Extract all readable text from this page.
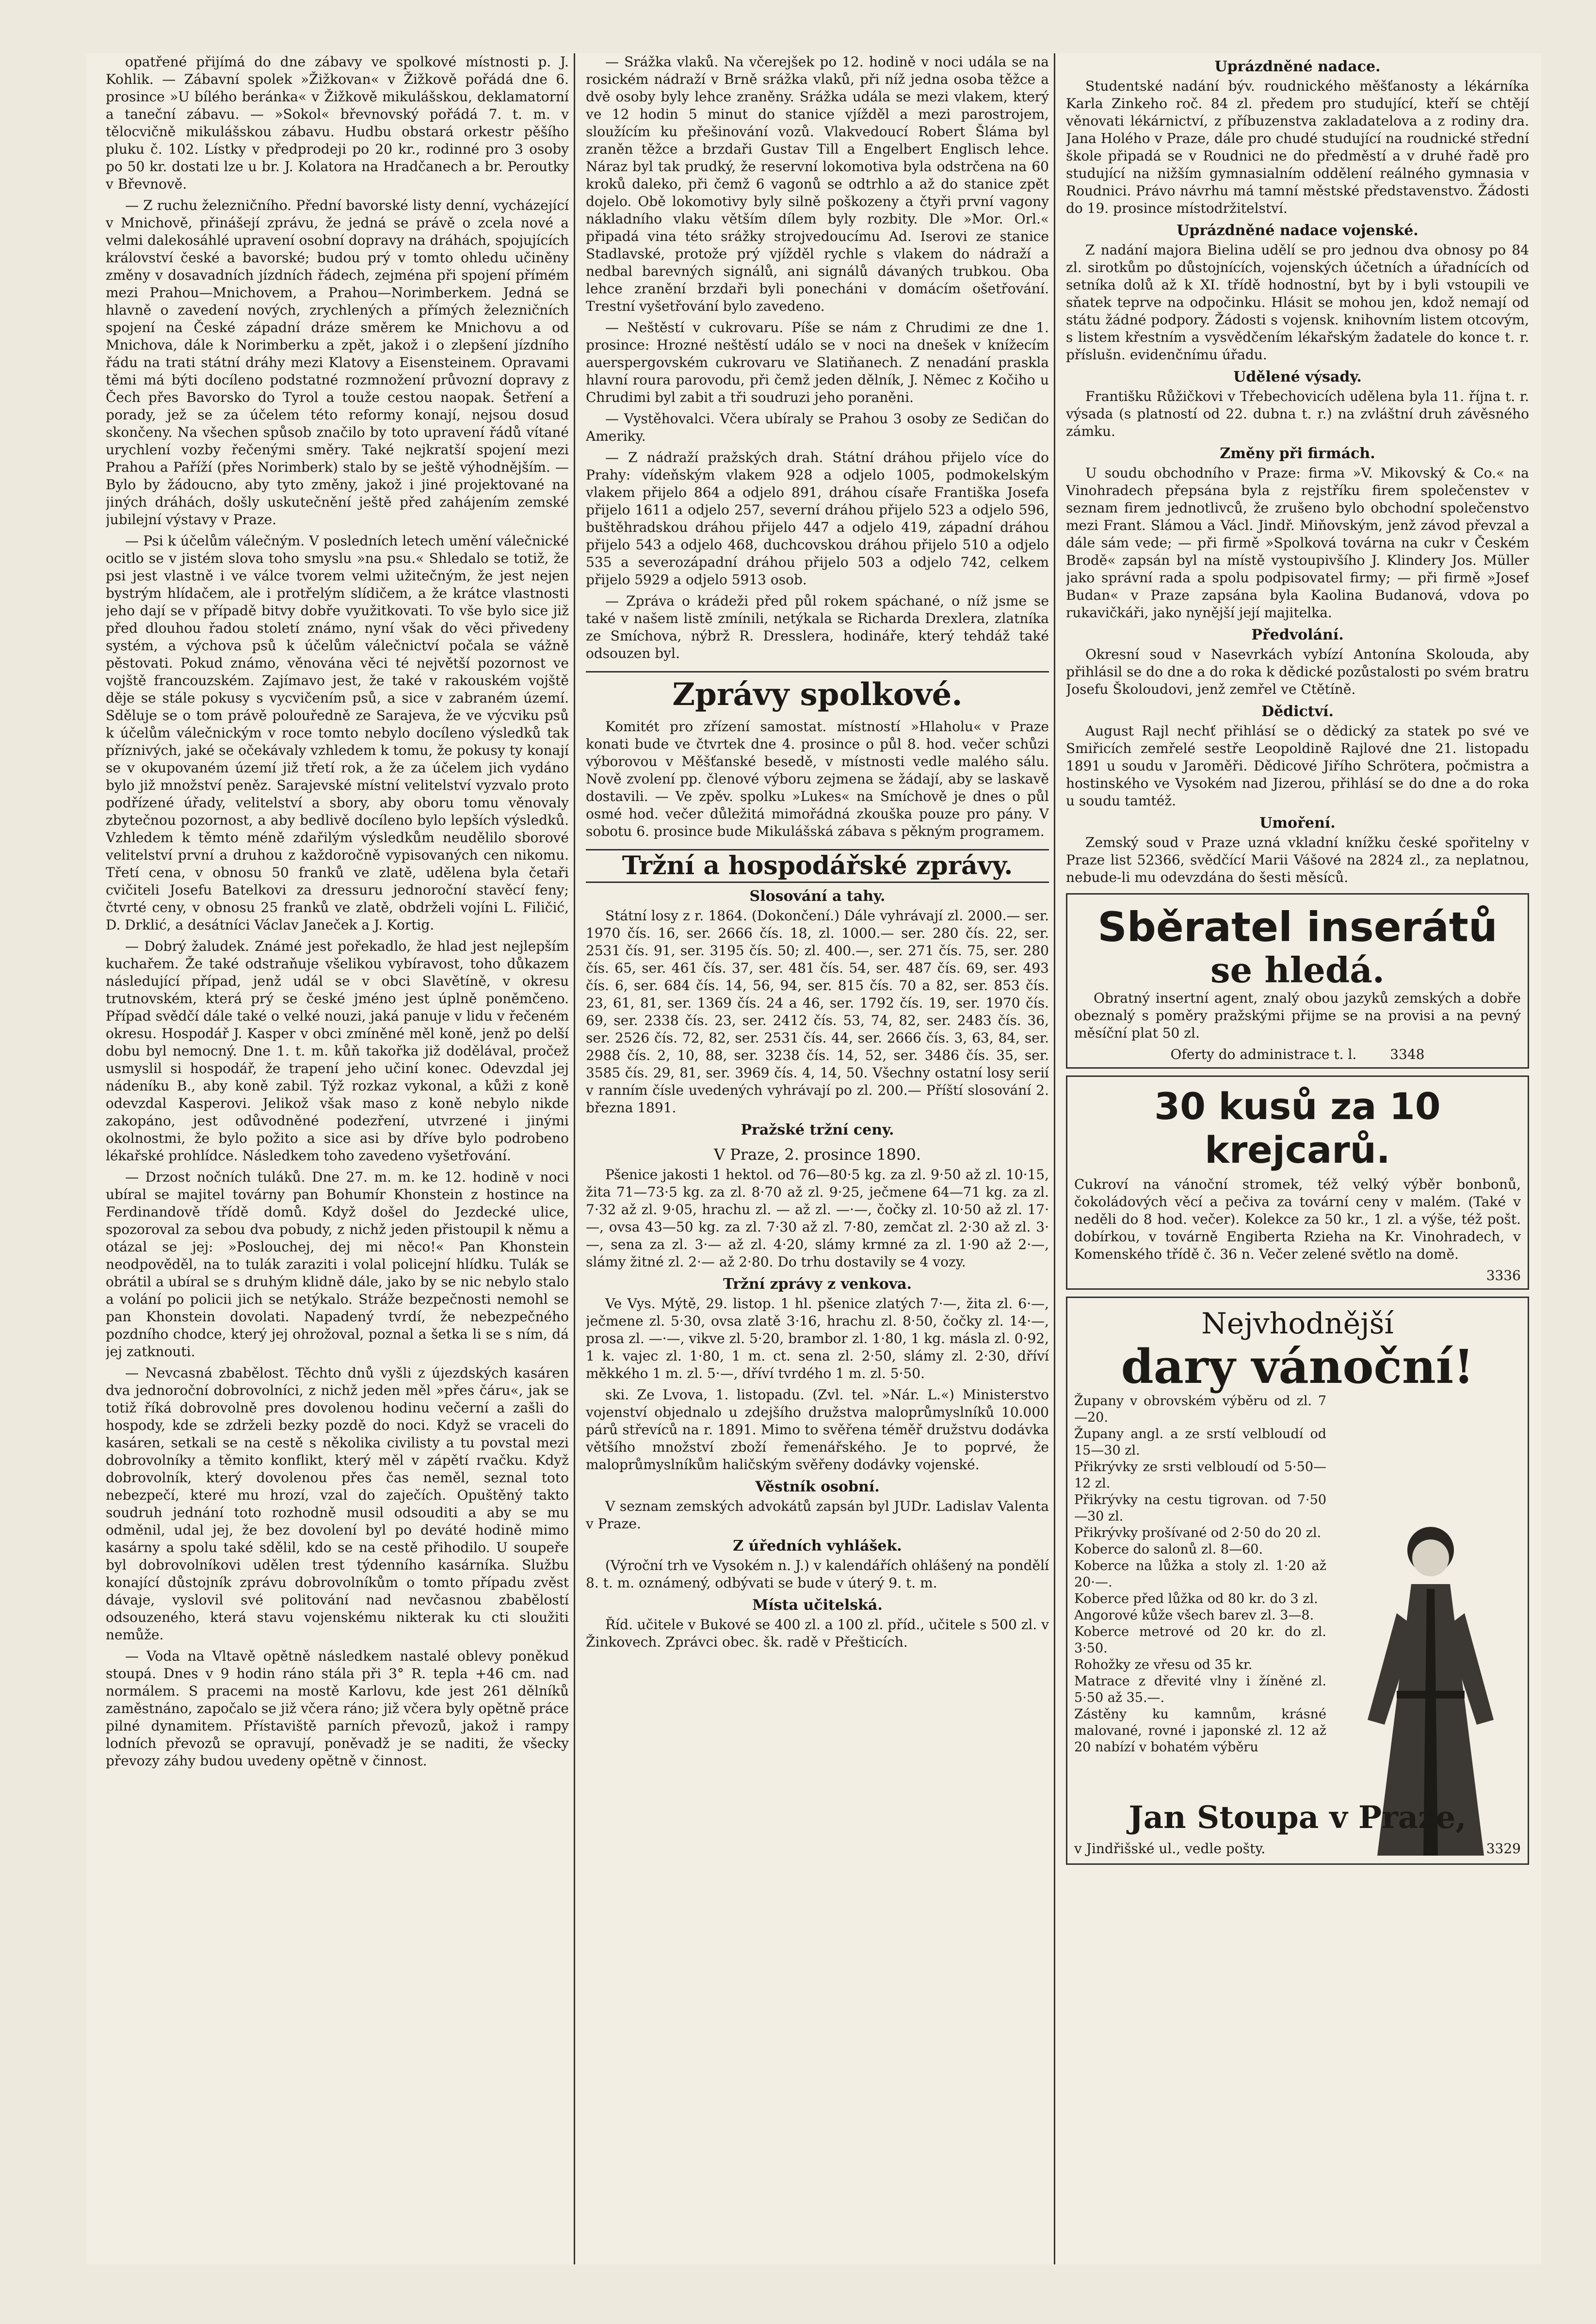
opatřené přijímá do dne zábavy ve spolkové místnosti p. J. Kohlik. — Zábavní spolek »Žižkovan« v Žižkově pořádá dne 6. prosince »U bílého beránka« v Žižkově mikulášskou, deklamatorní a taneční zábavu. — »Sokol« břevnovský pořádá 7. t. m. v tělocvičně mikulášskou zábavu. Hudbu obstará orkestr pěšího pluku č. 102. Lístky v předprodeji po 20 kr., rodinné pro 3 osoby po 50 kr. dostati lze u br. J. Kolatora na Hradčanech a br. Peroutky v Břevnově.

— Z ruchu železničního. Přední bavorské listy denní, vycházející v Mnichově, přinášejí zprávu, že jedná se právě o zcela nové a velmi dalekosáhlé upravení osobní dopravy na dráhách, spojujících království české a bavorské; budou prý v tomto ohledu učiněny změny v dosavadních jízdních řádech, zejména při spojení přímém mezi Prahou—Mnichovem, a Prahou—Norimberkem. Jedná se hlavně o zavedení nových, zrychlených a přímých železničních spojení na České západní dráze směrem ke Mnichovu a od Mnichova, dále k Norimberku a zpět, jakož i o zlepšení jízdního řádu na trati státní dráhy mezi Klatovy a Eisensteinem. Opravami těmi má býti docíleno podstatné rozmnožení průvozní dopravy z Čech přes Bavorsko do Tyrol a touže cestou naopak. Šetření a porady, jež se za účelem této reformy konají, nejsou dosud skončeny. Na všechen spůsob značilo by toto upravení řádů vítané urychlení vozby řečenými směry. Také nejkratší spojení mezi Prahou a Paříží (přes Norimberk) stalo by se ještě výhodnějším. — Bylo by žádoucno, aby tyto změny, jakož i jiné projektované na jiných dráhách, došly uskutečnění ještě před zahájením zemské jubilejní výstavy v Praze.

— Psi k účelům válečným. V posledních letech umění válečnické ocitlo se v jistém slova toho smyslu »na psu.« Shledalo se totiž, že psi jest vlastně i ve válce tvorem velmi užitečným, že jest nejen bystrým hlídačem, ale i protřelým slídičem, a že krátce vlastnosti jeho dají se v případě bitvy dobře využitkovati. To vše bylo sice již před dlouhou řadou století známo, nyní však do věci přivedeny systém, a výchova psů k účelům válečnictví počala se vážně pěstovati. Pokud známo, věnována věci té největší pozornost ve vojště francouzském. Zajímavo jest, že také v rakouském vojště děje se stále pokusy s vycvičením psů, a sice v zabraném území. Sděluje se o tom právě polouředně ze Sarajeva, že ve výcviku psů k účelům válečnickým v roce tomto nebylo docíleno výsledků tak příznivých, jaké se očekávaly vzhledem k tomu, že pokusy ty konají se v okupovaném území již třetí rok, a že za účelem jich vydáno bylo již množství peněz. Sarajevské místní velitelství vyzvalo proto podřízené úřady, velitelství a sbory, aby oboru tomu věnovaly zbytečnou pozornost, a aby bedlivě docíleno bylo lepších výsledků. Vzhledem k těmto méně zdařilým výsledkům neudělilo sborové velitelství první a druhou z každoročně vypisovaných cen nikomu. Třetí cena, v obnosu 50 franků ve zlatě, udělena byla četaři cvičiteli Josefu Batelkovi za dressuru jednoroční stavěcí feny; čtvrté ceny, v obnosu 25 franků ve zlatě, obdrželi vojíni L. Filičić, D. Drklić, a desátníci Václav Janeček a J. Kortig.

— Dobrý žaludek. Známé jest pořekadlo, že hlad jest nejlepším kuchařem. Že také odstraňuje všelikou vybíravost, toho důkazem následující případ, jenž udál se v obci Slavětíně, v okresu trutnovském, která prý se české jméno jest úplně poněmčeno. Případ svědčí dále také o velké nouzi, jaká panuje v lidu v řečeném okresu. Hospodář J. Kasper v obci zmíněné měl koně, jenž po delší dobu byl nemocný. Dne 1. t. m. kůň takořka již dodělával, pročež usmyslil si hospodář, že trapení jeho učiní konec. Odevzdal jej nádeníku B., aby koně zabil. Týž rozkaz vykonal, a kůži z koně odevzdal Kasperovi. Jelikož však maso z koně nebylo nikde zakopáno, jest odůvodněné podezření, utvrzené i jinými okolnostmi, že bylo požito a sice asi by dříve bylo podrobeno lékařské prohlídce. Následkem toho zavedeno vyšetřování.

— Drzost nočních tuláků. Dne 27. m. m. ke 12. hodině v noci ubíral se majitel továrny pan Bohumír Khonstein z hostince na Ferdinandově třídě domů. Když došel do Jezdecké ulice, spozoroval za sebou dva pobudy, z nichž jeden přistoupil k němu a otázal se jej: »Poslouchej, dej mi něco!« Pan Khonstein neodpověděl, na to tulák zaraziti i volal policejní hlídku. Tulák se obrátil a ubíral se s druhým klidně dále, jako by se nic nebylo stalo a volání po policii jich se netýkalo. Stráže bezpečnosti nemohl se pan Khonstein dovolati. Napadený tvrdí, že nebezpečného pozdního chodce, který jej ohrožoval, poznal a šetka li se s ním, dá jej zatknouti.

— Nevcasná zbabělost. Těchto dnů vyšli z újezdských kasáren dva jednoroční dobrovolníci, z nichž jeden měl »přes čáru«, jak se totiž říká dobrovolně pres dovolenou hodinu večerní a zašli do hospody, kde se zdrželi bezky pozdě do noci. Když se vraceli do kasáren, setkali se na cestě s několika civilisty a tu povstal mezi dobrovolníky a těmito konflikt, který měl v zápětí rvačku. Když dobrovolník, který dovolenou přes čas neměl, seznal toto nebezpečí, které mu hrozí, vzal do zaječích. Opuštěný takto soudruh jednání toto rozhodně musil odsouditi a aby se mu odměnil, udal jej, že bez dovolení byl po deváté hodině mimo kasárny a spolu také sdělil, kdo se na cestě přihodilo. U soupeře byl dobrovolníkovi udělen trest týdenního kasárníka. Službu konající důstojník zprávu dobrovolníkům o tomto případu zvěst dávaje, vyslovil své politování nad nevčasnou zbabělostí odsouzeného, která stavu vojenskému nikterak ku cti sloužiti nemůže.

— Voda na Vltavě opětně následkem nastalé oblevy poněkud stoupá. Dnes v 9 hodin ráno stála při 3° R. tepla +46 cm. nad normálem. S pracemi na mostě Karlovu, kde jest 261 dělníků zaměstnáno, započalo se již včera ráno; již včera byly opětně práce pilné dynamitem. Přístaviště parních převozů, jakož i rampy lodních převozů se opravují, poněvadž je se naditi, že všecky převozy záhy budou uvedeny opětně v činnost.

— Srážka vlaků. Na včerejšek po 12. hodině v noci udála se na rosickém nádraží v Brně srážka vlaků, při níž jedna osoba těžce a dvě osoby byly lehce zraněny. Srážka udála se mezi vlakem, který ve 12 hodin 5 minut do stanice vjížděl a mezi parostrojem, sloužícím ku přešinování vozů. Vlakvedoucí Robert Šláma byl zraněn těžce a brzdaři Gustav Till a Engelbert Englisch lehce. Náraz byl tak prudký, že reservní lokomotiva byla odstrčena na 60 kroků daleko, při čemž 6 vagonů se odtrhlo a až do stanice zpět dojelo. Obě lokomotivy byly silně poškozeny a čtyři první vagony nákladního vlaku větším dílem byly rozbity. Dle »Mor. Orl.« připadá vina této srážky strojvedoucímu Ad. Iserovi ze stanice Stadlavské, protože prý vjížděl rychle s vlakem do nádraží a nedbal barevných signálů, ani signálů dávaných trubkou. Oba lehce zranění brzdaři byli ponecháni v domácím ošetřování. Trestní vyšetřování bylo zavedeno.

— Neštěstí v cukrovaru. Píše se nám z Chrudimi ze dne 1. prosince: Hrozné neštěstí událo se v noci na dnešek v knížecím auerspergovském cukrovaru ve Slatiňanech. Z nenadání praskla hlavní roura parovodu, při čemž jeden dělník, J. Němec z Kočiho u Chrudimi byl zabit a tři soudruzi jeho poraněni.

— Vystěhovalci. Včera ubíraly se Prahou 3 osoby ze Sedičan do Ameriky.

— Z nádraží pražských drah. Státní dráhou přijelo více do Prahy: vídeňským vlakem 928 a odjelo 1005, podmokelským vlakem přijelo 864 a odjelo 891, dráhou císaře Františka Josefa přijelo 1611 a odjelo 257, severní dráhou přijelo 523 a odjelo 596, buštěhradskou dráhou přijelo 447 a odjelo 419, západní dráhou přijelo 543 a odjelo 468, duchcovskou dráhou přijelo 510 a odjelo 535 a severozápadní dráhou přijelo 503 a odjelo 742, celkem přijelo 5929 a odjelo 5913 osob.

— Zpráva o krádeži před půl rokem spáchané, o níž jsme se také v našem listě zmínili, netýkala se Richarda Drexlera, zlatníka ze Smíchova, nýbrž R. Dresslera, hodináře, který tehdáž také odsouzen byl.

Zprávy spolkové.

Komitét pro zřízení samostat. místností »Hlaholu« v Praze konati bude ve čtvrtek dne 4. prosince o půl 8. hod. večer schůzi výborovou v Měšťanské besedě, v místnosti vedle malého sálu. Nově zvolení pp. členové výboru zejmena se žádají, aby se laskavě dostavili. — Ve zpěv. spolku »Lukes« na Smíchově je dnes o půl osmé hod. večer důležitá mimořádná zkouška pouze pro pány. V sobotu 6. prosince bude Mikulášská zábava s pěkným programem.

Tržní a hospodářské zprávy.
Slosování a tahy.

Státní losy z r. 1864. (Dokončení.) Dále vyhrávají zl. 2000.— ser. 1970 čís. 16, ser. 2666 čís. 18, zl. 1000.— ser. 280 čís. 22, ser. 2531 čís. 91, ser. 3195 čís. 50; zl. 400.—, ser. 271 čís. 75, ser. 280 čís. 65, ser. 461 čís. 37, ser. 481 čís. 54, ser. 487 čís. 69, ser. 493 čís. 6, ser. 684 čís. 14, 56, 94, ser. 815 čís. 70 a 82, ser. 853 čís. 23, 61, 81, ser. 1369 čís. 24 a 46, ser. 1792 čís. 19, ser. 1970 čís. 69, ser. 2338 čís. 23, ser. 2412 čís. 53, 74, 82, ser. 2483 čís. 36, ser. 2526 čís. 72, 82, ser. 2531 čís. 44, ser. 2666 čís. 3, 63, 84, ser. 2988 čís. 2, 10, 88, ser. 3238 čís. 14, 52, ser. 3486 čís. 35, ser. 3585 čís. 29, 81, ser. 3969 čís. 4, 14, 50. Všechny ostatní losy serií v ranním čísle uvedených vyhrávají po zl. 200.— Příští slosování 2. března 1891.

Pražské tržní ceny.
V Praze, 2. prosince 1890.

Pšenice jakosti 1 hektol. od 76—80·5 kg. za zl. 9·50 až zl. 10·15, žita 71—73·5 kg. za zl. 8·70 až zl. 9·25, ječmene 64—71 kg. za zl. 7·32 až zl. 9·05, hrachu zl. — až zl. —·—, čočky zl. 10·50 až zl. 17·—, ovsa 43—50 kg. za zl. 7·30 až zl. 7·80, zemčat zl. 2·30 až zl. 3·—, sena za zl. 3·— až zl. 4·20, slámy krmné za zl. 1·90 až 2·—, slámy žitné zl. 2·— až 2·80. Do trhu dostavily se 4 vozy.

Tržní zprávy z venkova.

Ve Vys. Mýtě, 29. listop. 1 hl. pšenice zlatých 7·—, žita zl. 6·—, ječmene zl. 5·30, ovsa zlatě 3·16, hrachu zl. 8·50, čočky zl. 14·—, prosa zl. —·—, vikve zl. 5·20, brambor zl. 1·80, 1 kg. másla zl. 0·92, 1 k. vajec zl. 1·80, 1 m. ct. sena zl. 2·50, slámy zl. 2·30, dříví měkkého 1 m. zl. 5·—, dříví tvrdého 1 m. zl. 5·50.

ski. Ze Lvova, 1. listopadu. (Zvl. tel. »Nár. L.«) Ministerstvo vojenství objednalo u zdejšího družstva maloprůmyslníků 10.000 párů střevíců na r. 1891. Mimo to svěřena téměř družstvu dodávka většího množství zboží řemenářského. Je to poprvé, že maloprůmyslníkům haličským svěřeny dodávky vojenské.

Věstník osobní.

V seznam zemských advokátů zapsán byl JUDr. Ladislav Valenta v Praze.

Z úředních vyhlášek.

(Výroční trh ve Vysokém n. J.) v kalendářích ohlášený na pondělí 8. t. m. oznámený, odbývati se bude v úterý 9. t. m.

Místa učitelská.

Říd. učitele v Bukové se 400 zl. a 100 zl. příd., učitele s 500 zl. v Žinkovech. Zprávci obec. šk. radě v Přešticích.

Uprázdněné nadace.

Studentské nadání býv. roudnického měšťanosty a lékárníka Karla Zinkeho roč. 84 zl. předem pro studující, kteří se chtějí věnovati lékárnictví, z příbuzenstva zakladatelova a z rodiny dra. Jana Holého v Praze, dále pro chudé studující na roudnické střední škole připadá se v Roudnici ne do předměstí a v druhé řadě pro studující na nižším gymnasialním oddělení reálného gymnasia v Roudnici. Právo návrhu má tamní městské představenstvo. Žádosti do 19. prosince místodržitelství.

Uprázdněné nadace vojenské.

Z nadání majora Bielina udělí se pro jednou dva obnosy po 84 zl. sirotkům po důstojnících, vojenských účetních a úřadnících od setníka dolů až k XI. třídě hodnostní, byt by i byli vstoupili ve sňatek teprve na odpočinku. Hlásit se mohou jen, kdož nemají od státu žádné podpory. Žádosti s vojensk. knihovním listem otcovým, s listem křestním a vysvědčením lékařským žadatele do konce t. r. příslušn. evidenčnímu úřadu.

Udělené výsady.

Františku Růžičkovi v Třebechovicích udělena byla 11. října t. r. výsada (s platností od 22. dubna t. r.) na zvláštní druh závěsného zámku.

Změny při firmách.

U soudu obchodního v Praze: firma »V. Mikovský & Co.« na Vinohradech přepsána byla z rejstříku firem společenstev v seznam firem jednotlivců, že zrušeno bylo obchodní společenstvo mezi Frant. Slámou a Václ. Jindř. Miňovským, jenž závod převzal a dále sám vede; — při firmě »Spolková továrna na cukr v Českém Brodě« zapsán byl na místě vystoupivšího J. Klindery Jos. Müller jako správní rada a spolu podpisovatel firmy; — při firmě »Josef Budan« v Praze zapsána byla Kaolina Budanová, vdova po rukavičkáři, jako nynější její majitelka.

Předvolání.

Okresní soud v Nasevrkách vybízí Antonína Skolouda, aby přihlásil se do dne a do roka k dědické pozůstalosti po svém bratru Josefu Školoudovi, jenž zemřel ve Ctětíně.

Dědictví.

August Rajl nechť přihlásí se o dědický za statek po své ve Smiřicích zemřelé sestře Leopoldině Rajlové dne 21. listopadu 1891 u soudu v Jaroměři. Dědicové Jiřího Schrötera, počmistra a hostinského ve Vysokém nad Jizerou, přihlásí se do dne a do roka u soudu tamtéž.

Umoření.

Zemský soud v Praze uzná vkladní knížku české spořitelny v Praze list 52366, svědčící Marii Vášové na 2824 zl., za neplatnou, nebude-li mu odevzdána do šesti měsíců.

Sběratel inserátů
se hledá.

Obratný insertní agent, znalý obou jazyků zemských a dobře obeznalý s poměry pražskými přijme se na provisi a na pevný měsíční plat 50 zl.

Oferty do administrace t. l. 3348
30 kusů za 10 krejcarů.

Cukroví na vánoční stromek, též velký výběr bonbonů, čokoládových věcí a pečiva za tovární ceny v malém. (Také v neděli do 8 hod. večer). Kolekce za 50 kr., 1 zl. a výše, též pošt. dobírkou, v továrně Engiberta Rzieha na Kr. Vinohradech, v Komenského třídě č. 36 n. Večer zelené světlo na domě.

3336
Nejvhodnější
dary vánoční!
Župany v obrovském výběru od zl. 7—20.
Župany angl. a ze srstí velbloudí od 15—30 zl.
Přikrývky ze srsti velbloudí od 5·50—12 zl.
Přikrývky na cestu tigrovan. od 7·50—30 zl.
Přikrývky prošívané od 2·50 do 20 zl.
Koberce do salonů zl. 8—60.
Koberce na lůžka a stoly zl. 1·20 až 20·—.
Koberce před lůžka od 80 kr. do 3 zl.
Angorové kůže všech barev zl. 3—8.
Koberce metrové od 20 kr. do zl. 3·50.
Rohožky ze vřesu od 35 kr.
Matrace z dřevité vlny i žíněné zl. 5·50 až 35.—.
Zástěny ku kamnům, krásné malované, rovné i japonské zl. 12 až 20 nabízí v bohatém výběru
Jan Stoupa v Praze,
v Jindřišské ul., vedle pošty.	3329
